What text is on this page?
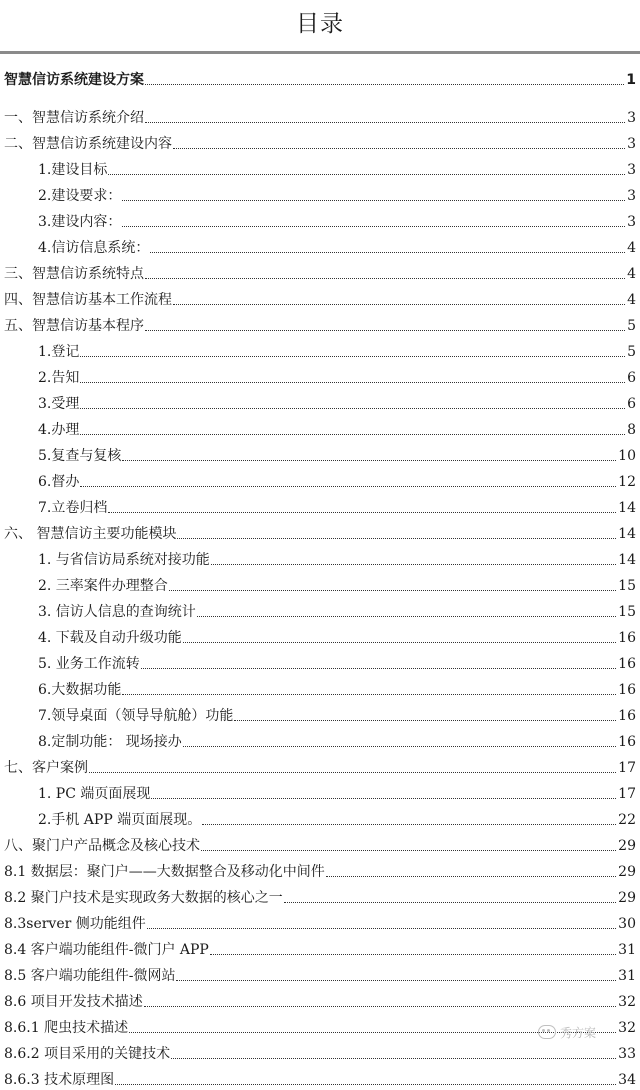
目录
智慧信访系统建设方案	1
一、智慧信访系统介绍	3
二、智慧信访系统建设内容	3
1.建设目标	3
2.建设要求：	3
3.建设内容：	3
4.信访信息系统：	4
三、智慧信访系统特点	4
四、智慧信访基本工作流程	4
五、智慧信访基本程序	5
1.登记	5
2.告知	6
3.受理	6
4.办理	8
5.复查与复核	10
6.督办	12
7.立卷归档	14
六、 智慧信访主要功能模块	14
1. 与省信访局系统对接功能	14
2. 三率案件办理整合	15
3. 信访人信息的查询统计	15
4. 下载及自动升级功能	16
5. 业务工作流转	16
6.大数据功能	16
7.领导桌面（领导导航舱）功能	16
8.定制功能： 现场接办	16
七、客户案例	17
1. PC 端页面展现	17
2.手机 APP 端页面展现。	22
八、聚门户产品概念及核心技术	29
8.1 数据层：聚门户——大数据整合及移动化中间件	29
8.2 聚门户技术是实现政务大数据的核心之一	29
8.3server 侧功能组件	30
8.4 客户端功能组件-微门户 APP	31
8.5 客户端功能组件-微网站	31
8.6 项目开发技术描述	32
8.6.1 爬虫技术描述	32
8.6.2 项目采用的关键技术	33
8.6.3 技术原理图	34
秀方案
